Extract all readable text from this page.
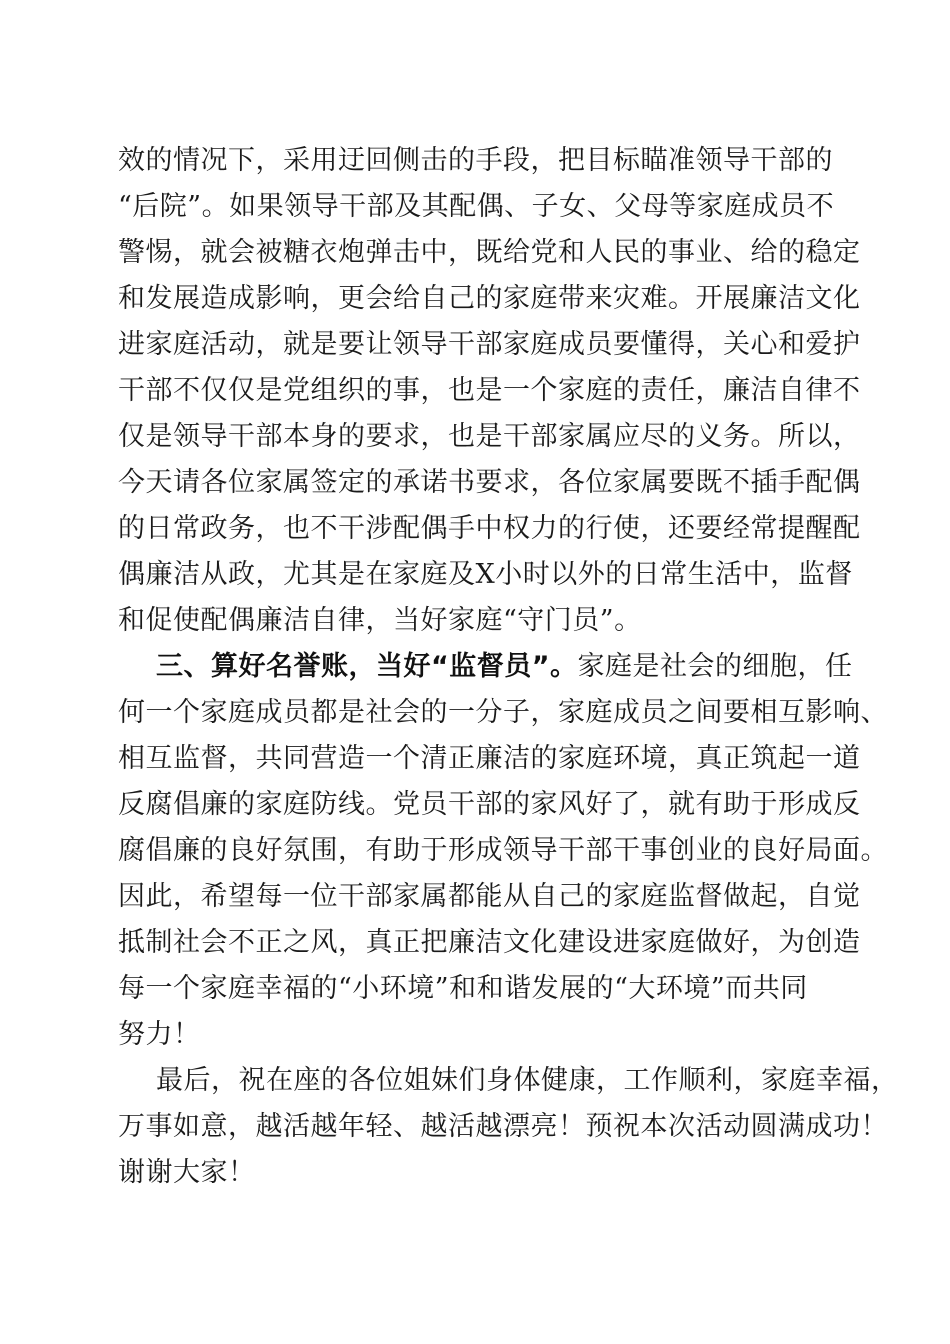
效的情况下，采用迂回侧击的手段，把目标瞄准领导干部的
“后院”。如果领导干部及其配偶、子女、父母等家庭成员不
警惕，就会被糖衣炮弹击中，既给党和人民的事业、给的稳定
和发展造成影响，更会给自己的家庭带来灾难。开展廉洁文化
进家庭活动，就是要让领导干部家庭成员要懂得，关心和爱护
干部不仅仅是党组织的事，也是一个家庭的责任，廉洁自律不
仅是领导干部本身的要求，也是干部家属应尽的义务。所以，
今天请各位家属签定的承诺书要求，各位家属要既不插手配偶
的日常政务，也不干涉配偶手中权力的行使，还要经常提醒配
偶廉洁从政，尤其是在家庭及X小时以外的日常生活中，监督
和促使配偶廉洁自律，当好家庭“守门员”。
三、算好名誉账，当好“监督员”。家庭是社会的细胞，任
何一个家庭成员都是社会的一分子，家庭成员之间要相互影响、
相互监督，共同营造一个清正廉洁的家庭环境，真正筑起一道
反腐倡廉的家庭防线。党员干部的家风好了，就有助于形成反
腐倡廉的良好氛围，有助于形成领导干部干事创业的良好局面。
因此，希望每一位干部家属都能从自己的家庭监督做起，自觉
抵制社会不正之风，真正把廉洁文化建设进家庭做好，为创造
每一个家庭幸福的“小环境”和和谐发展的“大环境”而共同
努力！
最后，祝在座的各位姐妹们身体健康，工作顺利，家庭幸福，
万事如意，越活越年轻、越活越漂亮！预祝本次活动圆满成功！
谢谢大家！
